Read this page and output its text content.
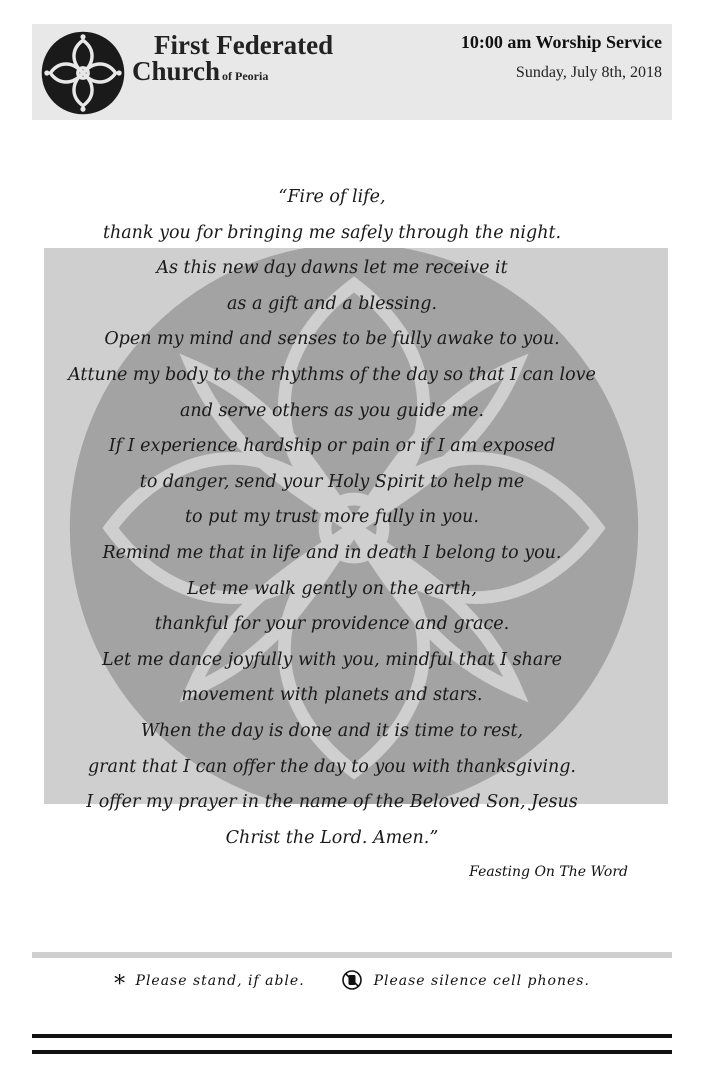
First Federated
Church of Peoria
10:00 am Worship Service
Sunday, July 8th, 2018
“Fire of life,
thank you for bringing me safely through the night.
As this new day dawns let me receive it
as a gift and a blessing.
Open my mind and senses to be fully awake to you.
Attune my body to the rhythms of the day so that I can love
and serve others as you guide me.
If I experience hardship or pain or if I am exposed
to danger, send your Holy Spirit to help me
to put my trust more fully in you.
Remind me that in life and in death I belong to you.
Let me walk gently on the earth,
thankful for your providence and grace.
Let me dance joyfully with you, mindful that I share
movement with planets and stars.
When the day is done and it is time to rest,
grant that I can offer the day to you with thanksgiving.
I offer my prayer in the name of the Beloved Son, Jesus
Christ the Lord. Amen.”
Feasting On The Word
* Please stand, if able.	Please silence cell phones.
